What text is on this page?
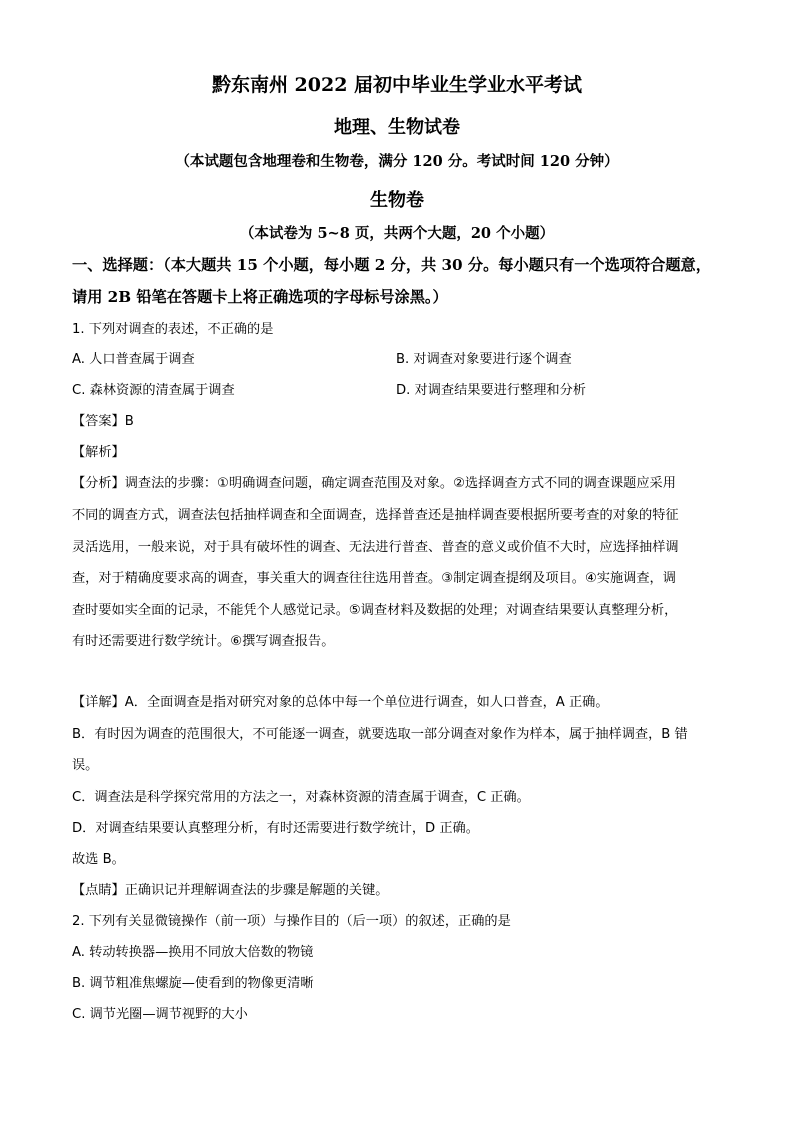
黔东南州 2022 届初中毕业生学业水平考试
地理、生物试卷
（本试题包含地理卷和生物卷，满分 120 分。考试时间 120 分钟）
生物卷
（本试卷为 5~8 页，共两个大题，20 个小题）
一、选择题：（本大题共 15 个小题，每小题 2 分，共 30 分。每小题只有一个选项符合题意，
请用 2B 铅笔在答题卡上将正确选项的字母标号涂黑。）
1. 下列对调查的表述，不正确的是
A. 人口普查属于调查	B. 对调查对象要进行逐个调查
C. 森林资源的清查属于调查	D. 对调查结果要进行整理和分析
【答案】B
【解析】
【分析】调查法的步骤：①明确调查问题，确定调查范围及对象。②选择调查方式不同的调查课题应采用
不同的调查方式，调查法包括抽样调查和全面调查，选择普查还是抽样调查要根据所要考查的对象的特征
灵活选用，一般来说，对于具有破坏性的调查、无法进行普查、普查的意义或价值不大时，应选择抽样调
查，对于精确度要求高的调查，事关重大的调查往往选用普查。③制定调查提纲及项目。④实施调查，调
查时要如实全面的记录，不能凭个人感觉记录。⑤调查材料及数据的处理；对调查结果要认真整理分析，
有时还需要进行数学统计。⑥撰写调查报告。
【详解】A．全面调查是指对研究对象的总体中每一个单位进行调查，如人口普查，A 正确。
B．有时因为调查的范围很大，不可能逐一调查，就要选取一部分调查对象作为样本，属于抽样调查，B 错
误。
C．调查法是科学探究常用的方法之一，对森林资源的清查属于调查，C 正确。
D．对调查结果要认真整理分析，有时还需要进行数学统计，D 正确。
故选 B。
【点睛】正确识记并理解调查法的步骤是解题的关键。
2. 下列有关显微镜操作（前一项）与操作目的（后一项）的叙述，正确的是
A. 转动转换器—换用不同放大倍数的物镜
B. 调节粗准焦螺旋—使看到的物像更清晰
C. 调节光圈—调节视野的大小
